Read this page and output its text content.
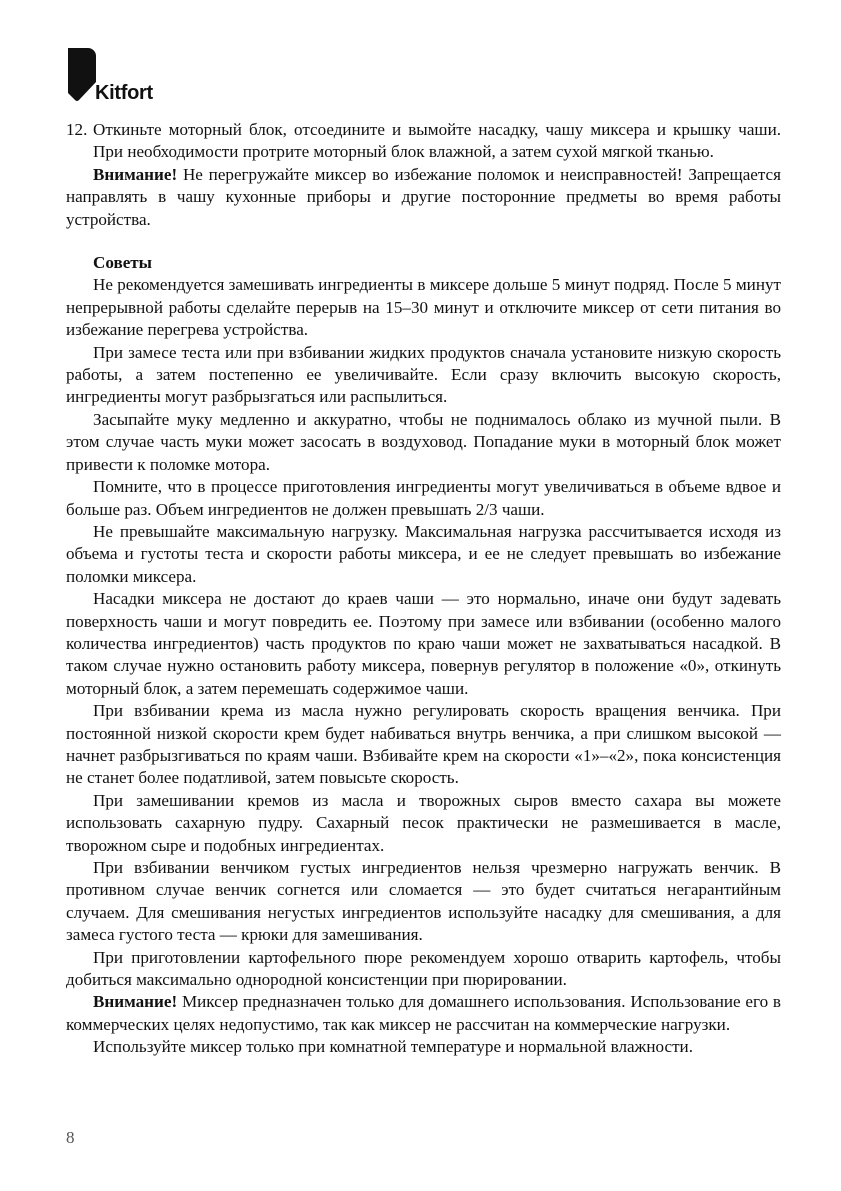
Kitfort

12. Откиньте моторный блок, отсоедините и вымойте насадку, чашу миксера и крышку чаши. При необходимости протрите моторный блок влажной, а затем сухой мягкой тканью.

Внимание! Не перегружайте миксер во избежание поломок и неисправностей! Запрещается направлять в чашу кухонные приборы и другие посторонние предметы во время работы устройства.

Советы

Не рекомендуется замешивать ингредиенты в миксере дольше 5 минут подряд. После 5 минут непрерывной работы сделайте перерыв на 15–30 минут и отключите миксер от сети питания во избежание перегрева устройства.

При замесе теста или при взбивании жидких продуктов сначала установите низкую скорость работы, а затем постепенно ее увеличивайте. Если сразу включить высокую скорость, ингредиенты могут разбрызгаться или распылиться.

Засыпайте муку медленно и аккуратно, чтобы не поднималось облако из мучной пыли. В этом случае часть муки может засосать в воздуховод. Попадание муки в моторный блок может привести к поломке мотора.

Помните, что в процессе приготовления ингредиенты могут увеличиваться в объеме вдвое и больше раз. Объем ингредиентов не должен превышать 2/3 чаши.

Не превышайте максимальную нагрузку. Максимальная нагрузка рассчитывается исходя из объема и густоты теста и скорости работы миксера, и ее не следует превышать во избежание поломки миксера.

Насадки миксера не достают до краев чаши — это нормально, иначе они будут задевать поверхность чаши и могут повредить ее. Поэтому при замесе или взбивании (особенно малого количества ингредиентов) часть продуктов по краю чаши может не захватываться насадкой. В таком случае нужно остановить работу миксера, повернув регулятор в положение «0», откинуть моторный блок, а затем перемешать содержимое чаши.

При взбивании крема из масла нужно регулировать скорость вращения венчика. При постоянной низкой скорости крем будет набиваться внутрь венчика, а при слишком высокой — начнет разбрызгиваться по краям чаши. Взбивайте крем на скорости «1»–«2», пока консистенция не станет более податливой, затем повысьте скорость.

При замешивании кремов из масла и творожных сыров вместо сахара вы можете использовать сахарную пудру. Сахарный песок практически не размешивается в масле, творожном сыре и подобных ингредиентах.

При взбивании венчиком густых ингредиентов нельзя чрезмерно нагружать венчик. В противном случае венчик согнется или сломается — это будет считаться негарантийным случаем. Для смешивания негустых ингредиентов используйте насадку для смешивания, а для замеса густого теста — крюки для замешивания.

При приготовлении картофельного пюре рекомендуем хорошо отварить картофель, чтобы добиться максимально однородной консистенции при пюрировании.

Внимание! Миксер предназначен только для домашнего использования. Использование его в коммерческих целях недопустимо, так как миксер не рассчитан на коммерческие нагрузки.

Используйте миксер только при комнатной температуре и нормальной влажности.

8
